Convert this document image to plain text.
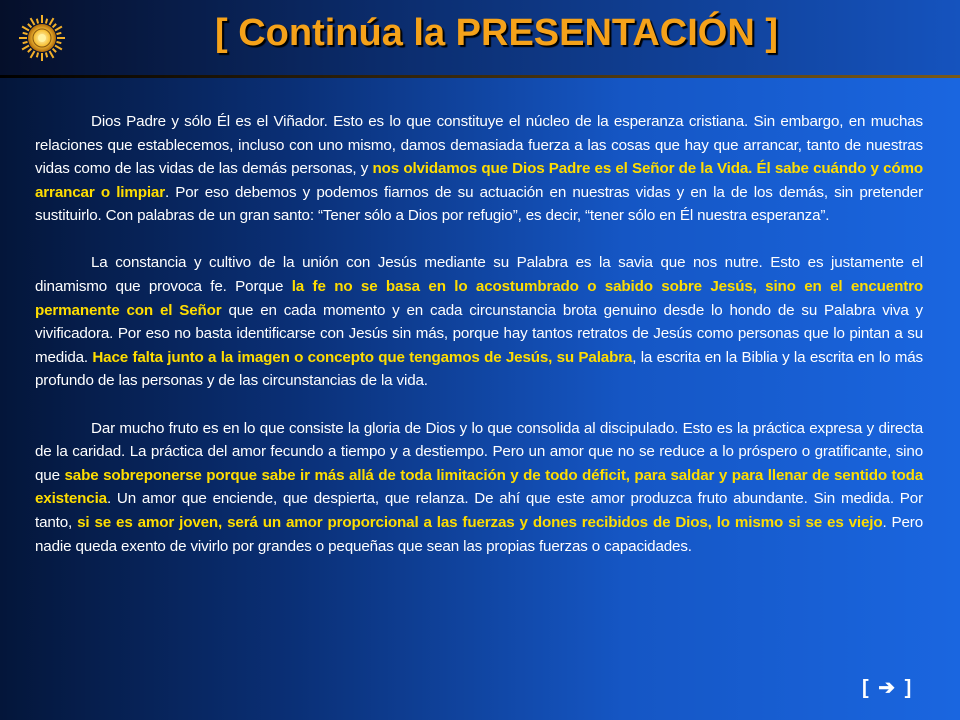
[ Continúa la PRESENTACIÓN ]

Dios Padre y sólo Él es el Viñador. Esto es lo que constituye el núcleo de la esperanza cristiana. Sin embargo, en muchas relaciones que establecemos, incluso con uno mismo, damos demasiada fuerza a las cosas que hay que arrancar, tanto de nuestras vidas como de las vidas de las demás personas, y nos olvidamos que Dios Padre es el Señor de la Vida. Él sabe cuándo y cómo arrancar o limpiar. Por eso debemos y podemos fiarnos de su actuación en nuestras vidas y en la de los demás, sin pretender sustituirlo. Con palabras de un gran santo: “Tener sólo a Dios por refugio”, es decir, “tener sólo en Él nuestra esperanza”.

La constancia y cultivo de la unión con Jesús mediante su Palabra es la savia que nos nutre. Esto es justamente el dinamismo que provoca fe. Porque la fe no se basa en lo acostumbrado o sabido sobre Jesús, sino en el encuentro permanente con el Señor que en cada momento y en cada circunstancia brota genuino desde lo hondo de su Palabra viva y vivificadora. Por eso no basta identificarse con Jesús sin más, porque hay tantos retratos de Jesús como personas que lo pintan a su medida. Hace falta junto a la imagen o concepto que tengamos de Jesús, su Palabra, la escrita en la Biblia y la escrita en lo más profundo de las personas y de las circunstancias de la vida.

Dar mucho fruto es en lo que consiste la gloria de Dios y lo que consolida al discipulado. Esto es la práctica expresa y directa de la caridad. La práctica del amor fecundo a tiempo y a destiempo. Pero un amor que no se reduce a lo próspero o gratificante, sino que sabe sobreponerse porque sabe ir más allá de toda limitación y de todo déficit, para saldar y para llenar de sentido toda existencia. Un amor que enciende, que despierta, que relanza. De ahí que este amor produzca fruto abundante. Sin medida. Por tanto, si se es amor joven, será un amor proporcional a las fuerzas y dones recibidos de Dios, lo mismo si se es viejo. Pero nadie queda exento de vivirlo por grandes o pequeñas que sean las propias fuerzas o capacidades.

[ ➔ ]
